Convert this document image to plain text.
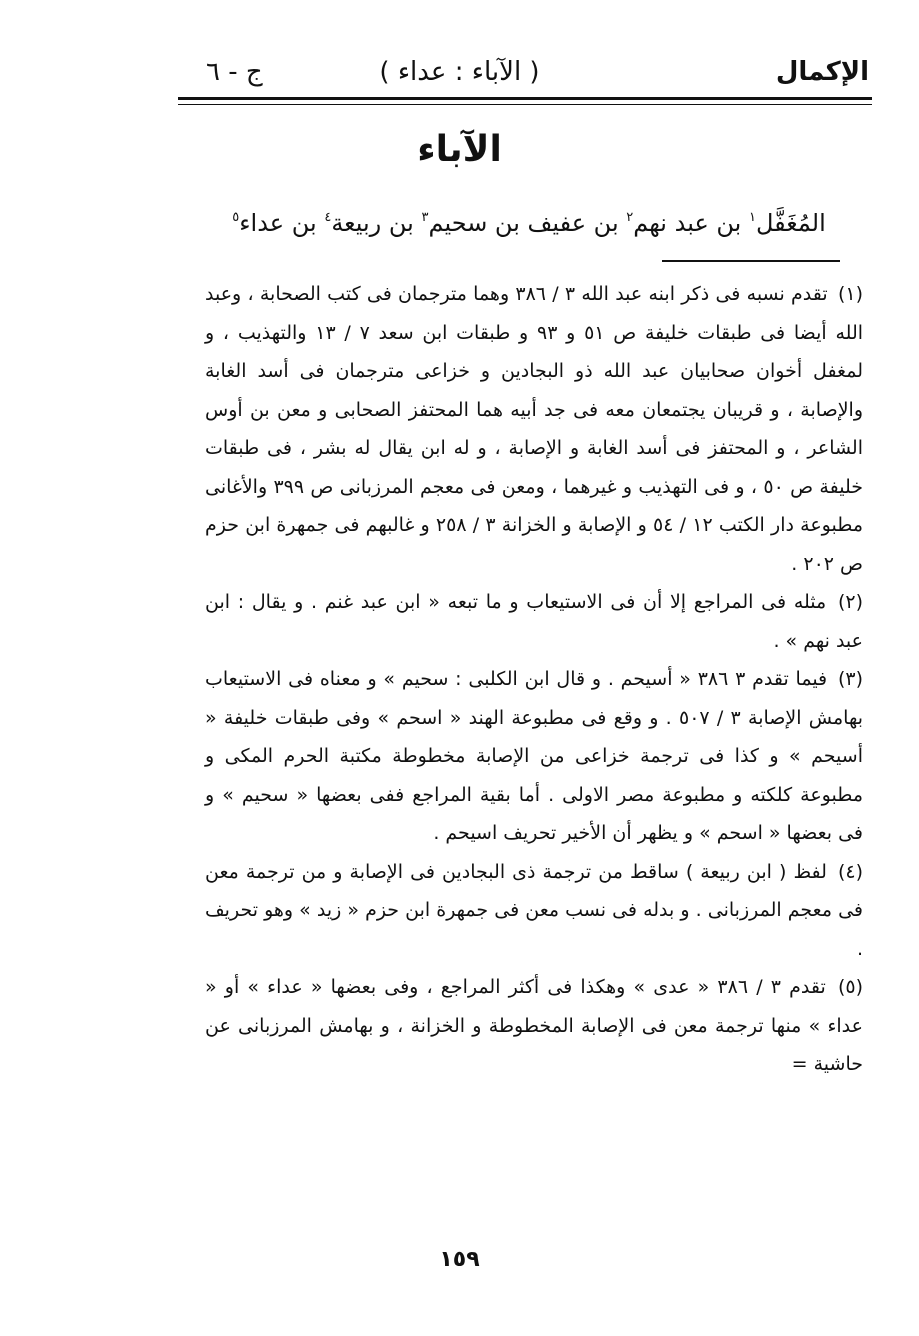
الإكمال
( الآباء : عداء )
ج - ٦
الآباء
المُغَفَّل$^١$ بن عبد نهم$^٢$ بن عفيف بن سحيم$^٣$ بن ربيعة$^٤$ بن عداء$^٥$

(١) تقدم نسبه فى ذكر ابنه عبد الله ٣ / ٣٨٦ وهما مترجمان فى كتب الصحابة ، وعبد الله أيضا فى طبقات خليفة ص ٥١ و ٩٣ و طبقات ابن سعد ٧ / ١٣ والتهذيب ، و لمغفل أخوان صحابيان عبد الله ذو البجادين و خزاعى مترجمان فى أسد الغابة والإصابة ، و قريبان يجتمعان معه فى جد أبيه هما المحتفز الصحابى و معن بن أوس الشاعر ، و المحتفز فى أسد الغابة و الإصابة ، و له ابن يقال له بشر ، فى طبقات خليفة ص ٥٠ ، و فى التهذيب و غيرهما ، ومعن فى معجم المرزبانى ص ٣٩٩ والأغانى مطبوعة دار الكتب ١٢ / ٥٤ و الإصابة و الخزانة ٣ / ٢٥٨ و غالبهم فى جمهرة ابن حزم ص ٢٠٢ .

(٢) مثله فى المراجع إلا أن فى الاستيعاب و ما تبعه « ابن عبد غنم . و يقال : ابن عبد نهم » .

(٣) فيما تقدم ٣ ٣٨٦ « أسيحم . و قال ابن الكلبى : سحيم » و معناه فى الاستيعاب بهامش الإصابة ٣ / ٥٠٧ . و وقع فى مطبوعة الهند « اسحم » وفى طبقات خليفة « أسيحم » و كذا فى ترجمة خزاعى من الإصابة مخطوطة مكتبة الحرم المكى و مطبوعة كلكته و مطبوعة مصر الاولى . أما بقية المراجع ففى بعضها « سحيم » و فى بعضها « اسحم » و يظهر أن الأخير تحريف اسيحم .

(٤) لفظ ( ابن ربيعة ) ساقط من ترجمة ذى البجادين فى الإصابة و من ترجمة معن فى معجم المرزبانى . و بدله فى نسب معن فى جمهرة ابن حزم « زيد » وهو تحريف .

(٥) تقدم ٣ / ٣٨٦ « عدى » وهكذا فى أكثر المراجع ، وفى بعضها « عداء » أو « عداء » منها ترجمة معن فى الإصابة المخطوطة و الخزانة ، و بهامش المرزبانى عن حاشية =

١٥٩
